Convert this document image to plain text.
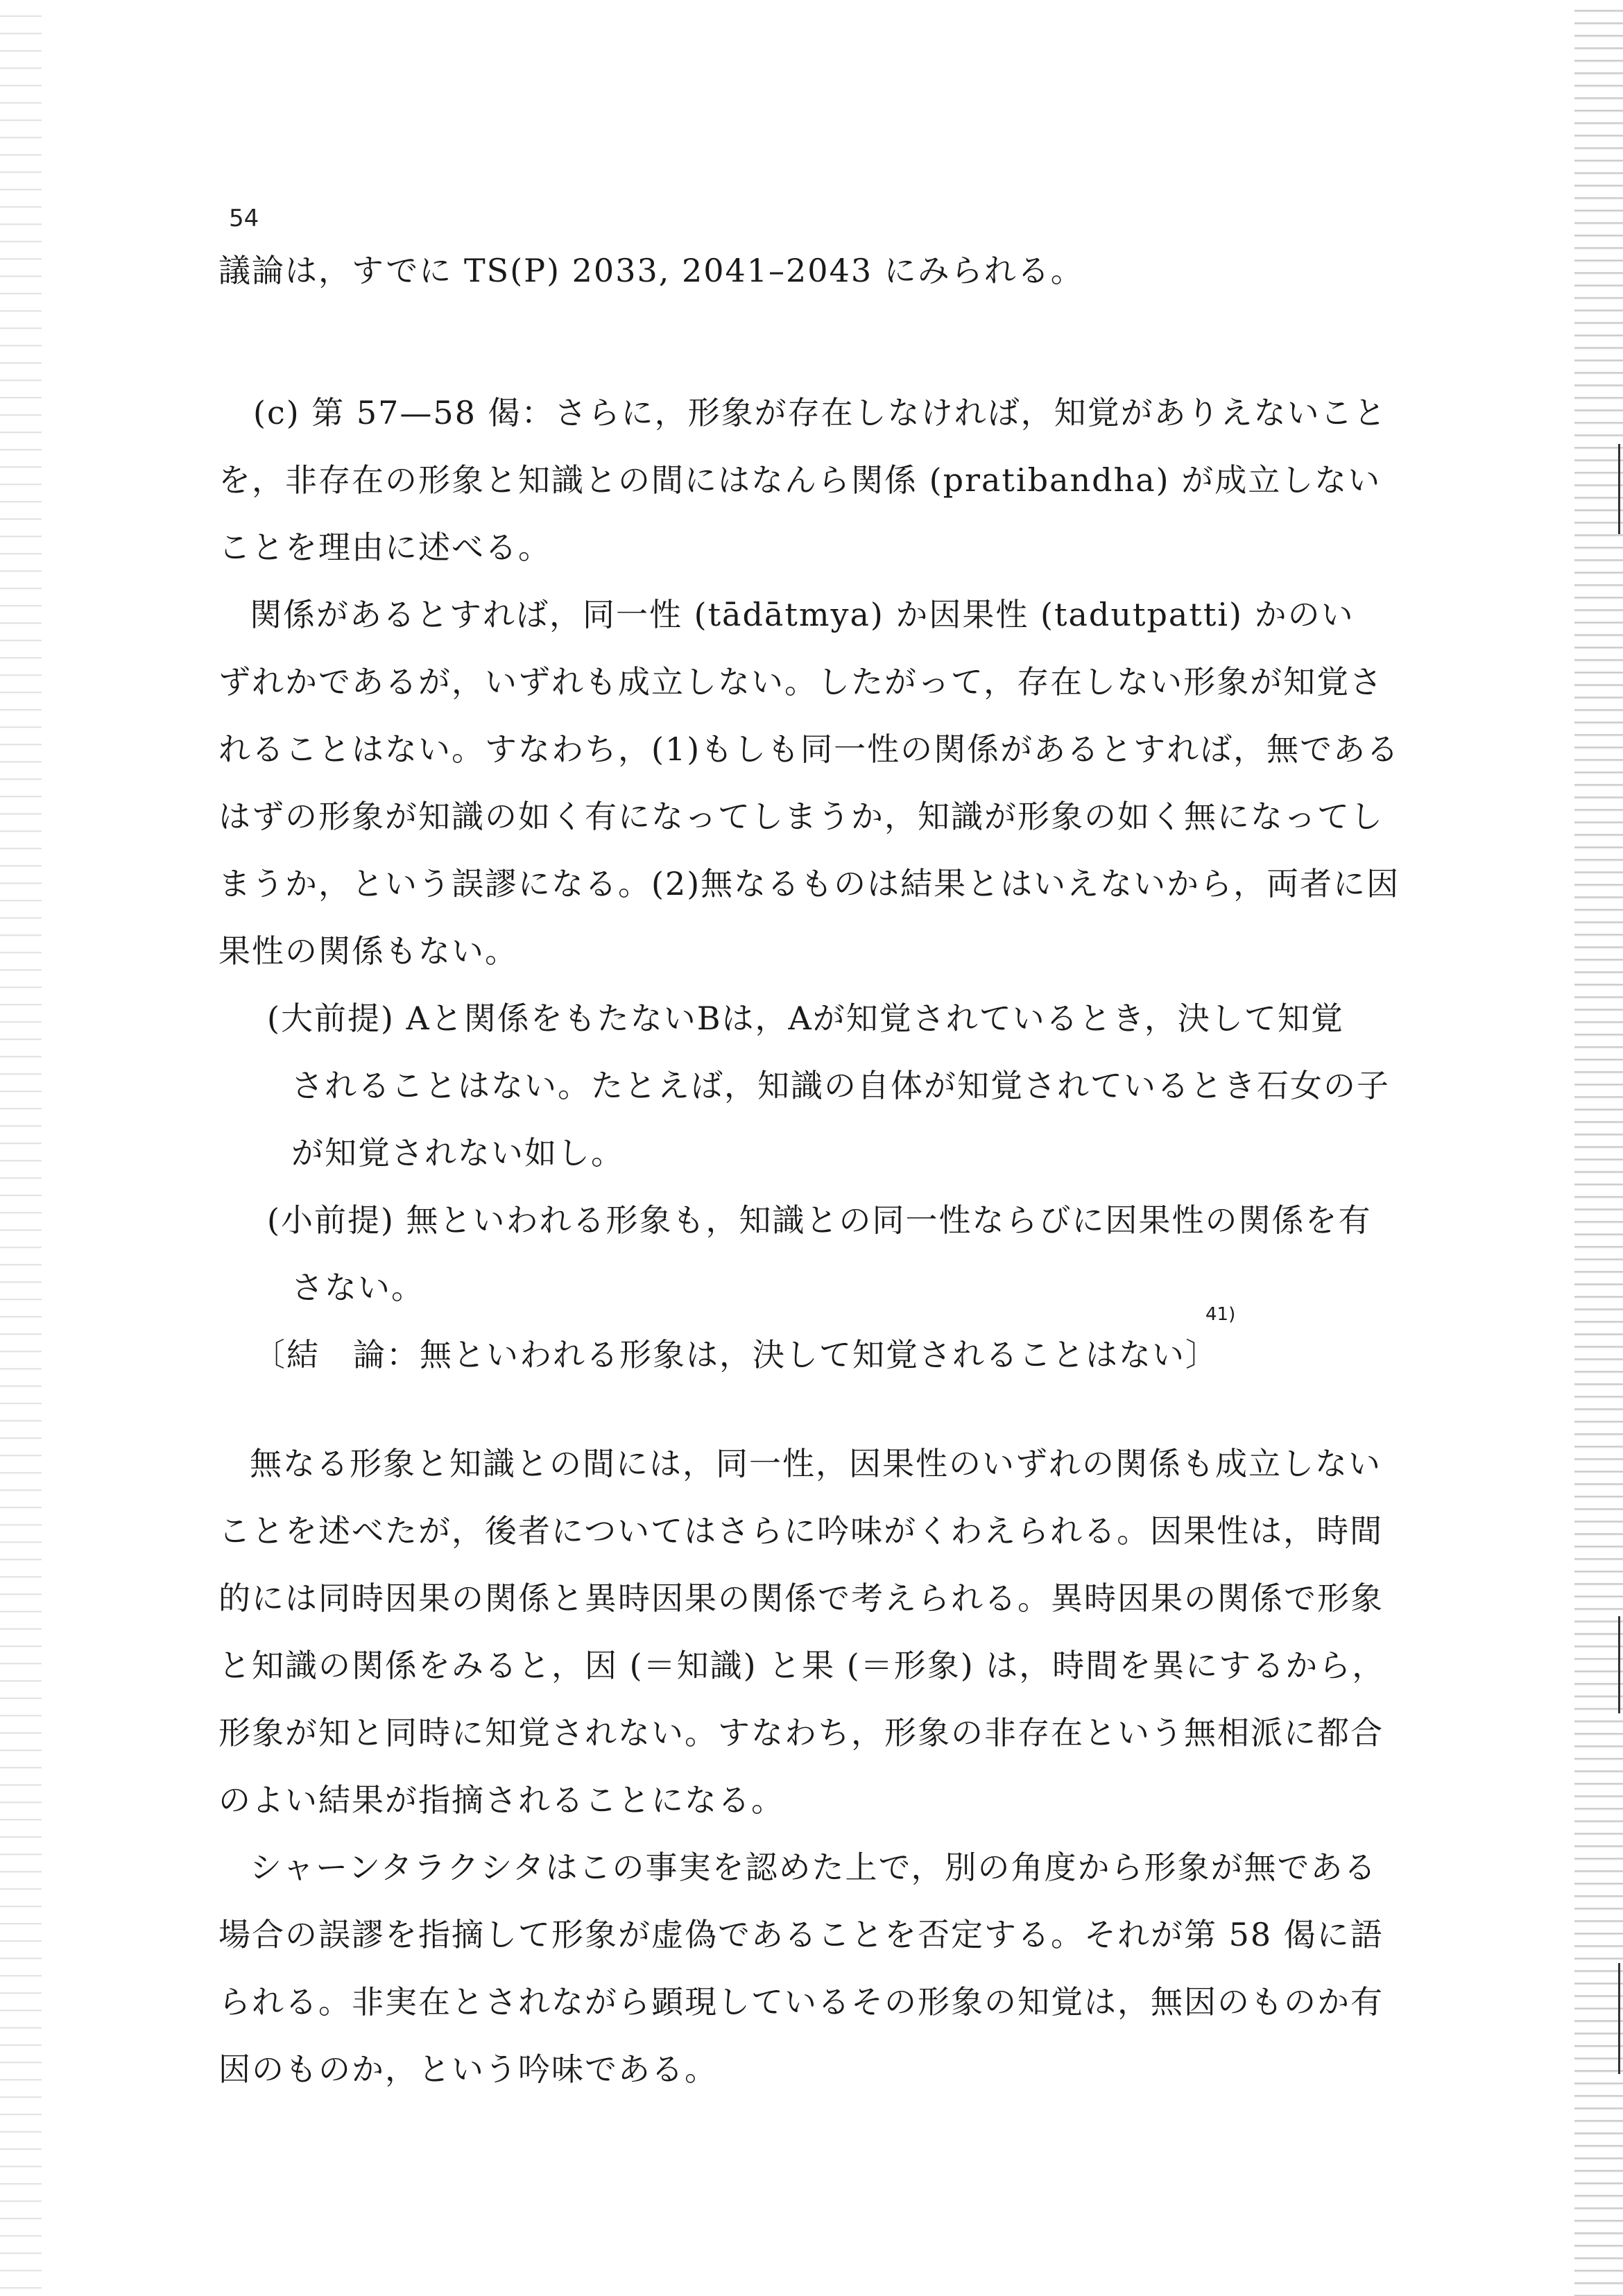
54
議論は，すでに TS(P) 2033, 2041–2043 にみられる。
(c) 第 57—58 偈：さらに，形象が存在しなければ，知覚がありえないこと
を，非存在の形象と知識との間にはなんら関係 (pratibandha) が成立しない
ことを理由に述べる。
関係があるとすれば，同一性 (tādātmya) か因果性 (tadutpatti) かのい
ずれかであるが，いずれも成立しない。したがって，存在しない形象が知覚さ
れることはない。すなわち，(1)もしも同一性の関係があるとすれば，無である
はずの形象が知識の如く有になってしまうか，知識が形象の如く無になってし
まうか，という誤謬になる。(2)無なるものは結果とはいえないから，両者に因
果性の関係もない。
(大前提) Aと関係をもたないBは，Aが知覚されているとき，決して知覚
されることはない。たとえば，知識の自体が知覚されているとき石女の子
が知覚されない如し。
(小前提) 無といわれる形象も，知識との同一性ならびに因果性の関係を有
さない。
41)
〔結　論：無といわれる形象は，決して知覚されることはない〕
無なる形象と知識との間には，同一性，因果性のいずれの関係も成立しない
ことを述べたが，後者についてはさらに吟味がくわえられる。因果性は，時間
的には同時因果の関係と異時因果の関係で考えられる。異時因果の関係で形象
と知識の関係をみると，因 (＝知識) と果 (＝形象) は，時間を異にするから，
形象が知と同時に知覚されない。すなわち，形象の非存在という無相派に都合
のよい結果が指摘されることになる。
シャーンタラクシタはこの事実を認めた上で，別の角度から形象が無である
場合の誤謬を指摘して形象が虚偽であることを否定する。それが第 58 偈に語
られる。非実在とされながら顕現しているその形象の知覚は，無因のものか有
因のものか，という吟味である。
